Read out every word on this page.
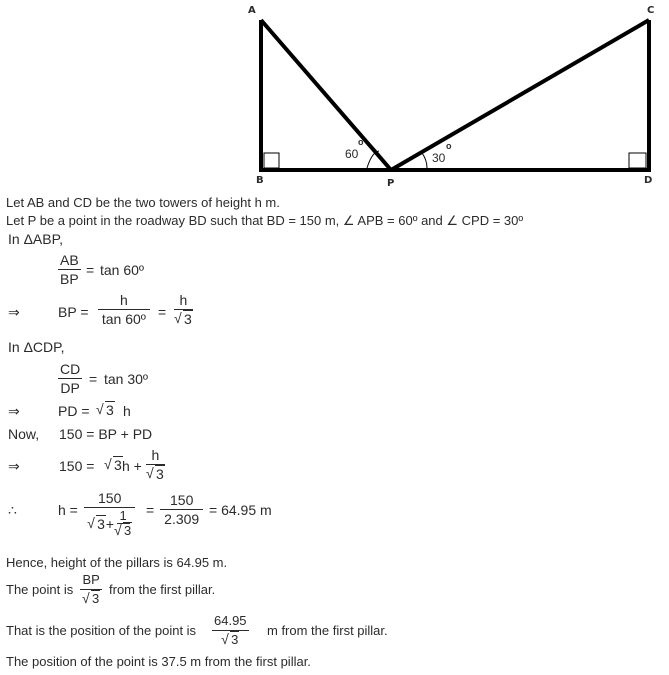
A
B
C
D
P
60
o
30
o
Let AB and CD be the two towers of height h m.
Let P be a point in the roadway BD such that BD = 150 m, ∠ APB = 60º and ∠ CPD = 30º
In ΔABP,
$\frac{AB}{BP} = \tan$ 60º
⇒	BP = $\frac{h}{\text{tan 60º}} = h$
√ 3
In ΔCDP,
$\frac{CD}{DP} = \tan$ 30º
⇒	PD =	√ 3 h
Now, 150 = BP + PD
⇒	150 =	√ 3 h + h
√ 3
∴	h = 150
√ 3 + 1
√ $3 = \frac{150}{2.309} = 64.95$ m
Hence, height of the pillars is 64.95 m.
The point is BP
√ 3 from the first pillar.
That is the position of the point is 64.95
√ 3 m from the first pillar.
The position of the point is 37.5 m from the first pillar.
